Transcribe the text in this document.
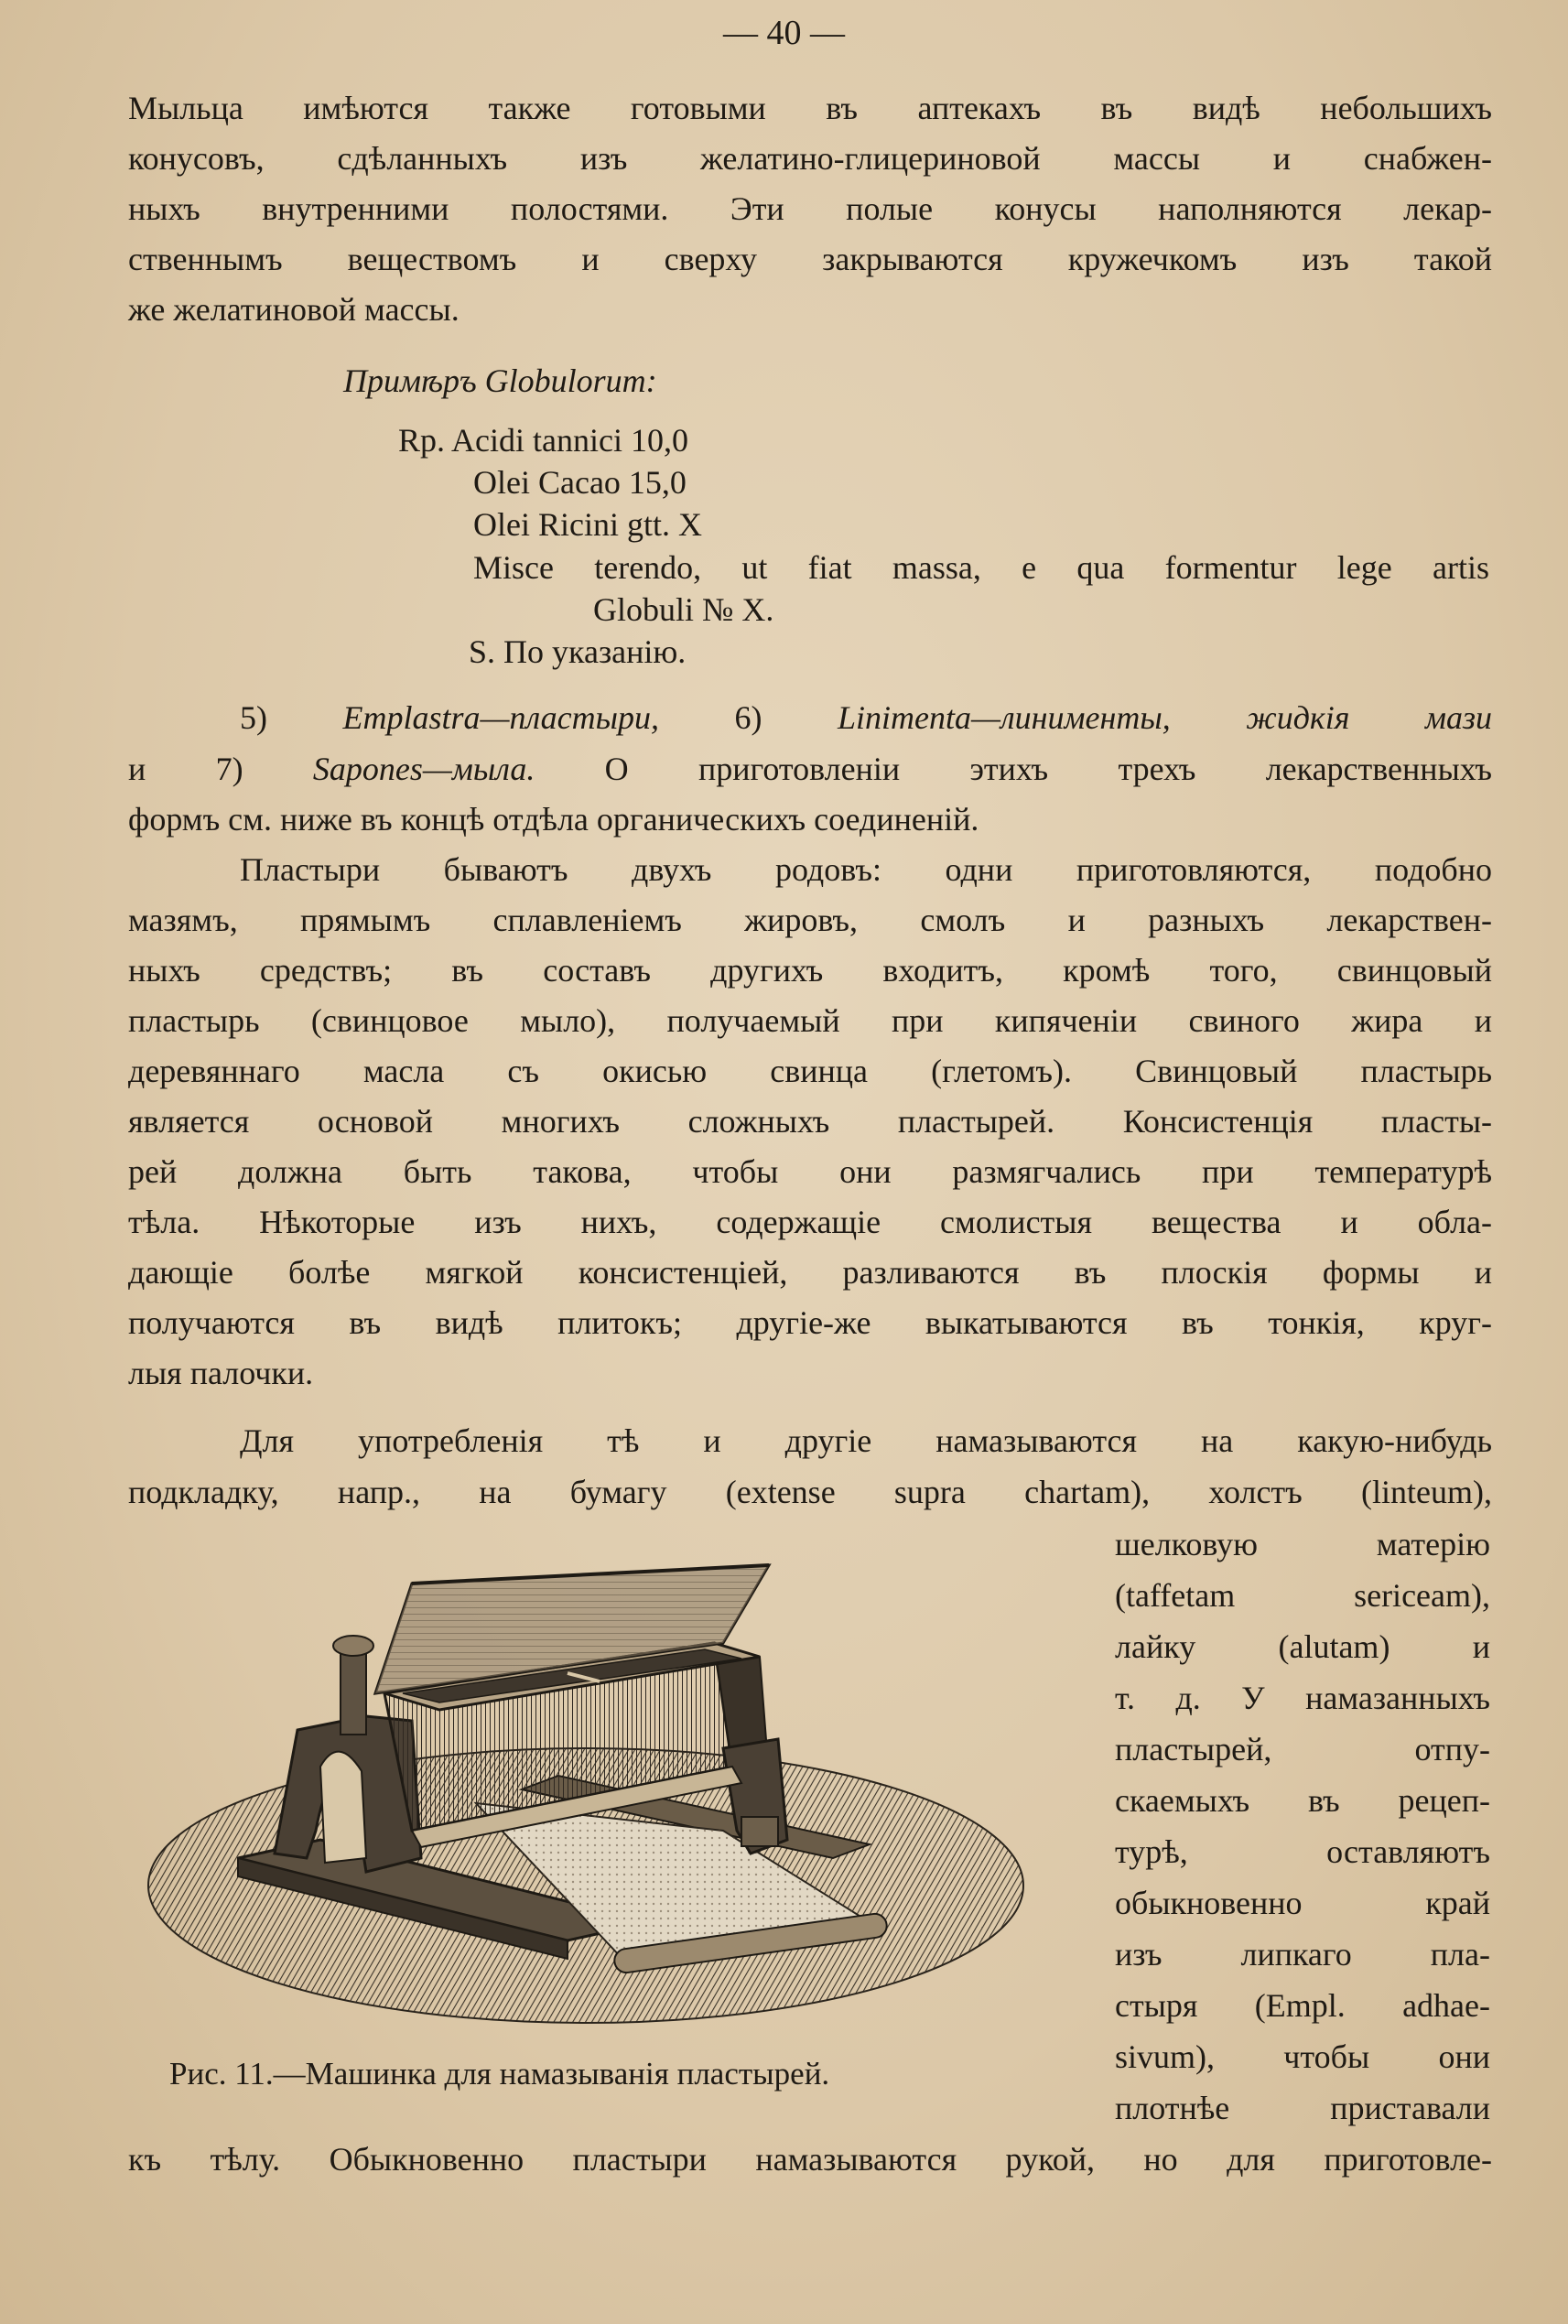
— 40 —
Мыльца имѣются также готовыми въ аптекахъ въ видѣ небольшихъ
конусовъ, сдѣланныхъ изъ желатино-глицериновой массы и снабжен-
ныхъ внутренними полостями. Эти полые конусы наполняются лекар-
ственнымъ веществомъ и сверху закрываются кружечкомъ изъ такой
же желатиновой массы.
Примѣръ Globulorum:
Rp. Acidi tannici 10,0
Olei Cacao 15,0
Olei Ricini gtt. X
Misce terendo, ut fiat massa, e qua formentur lege artis
Globuli № X.
S. По указанію.
5) Emplastra—пластыри, 6) Linimenta—линименты, жидкія мази
и 7) Sapones—мыла. О приготовленіи этихъ трехъ лекарственныхъ
формъ см. ниже въ концѣ отдѣла органическихъ соединеній.
Пластыри бываютъ двухъ родовъ: одни приготовляются, подобно
мазямъ, прямымъ сплавленіемъ жировъ, смолъ и разныхъ лекарствен-
ныхъ средствъ; въ составъ другихъ входитъ, кромѣ того, свинцовый
пластырь (свинцовое мыло), получаемый при кипяченіи свиного жира и
деревяннаго масла съ окисью свинца (глетомъ). Свинцовый пластырь
является основой многихъ сложныхъ пластырей. Консистенція пласты-
рей должна быть такова, чтобы они размягчались при температурѣ
тѣла. Нѣкоторые изъ нихъ, содержащіе смолистыя вещества и обла-
дающіе болѣе мягкой консистенціей, разливаются въ плоскія формы и
получаются въ видѣ плитокъ; другіе-же выкатываются въ тонкія, круг-
лыя палочки.
Для употребленія тѣ и другіе намазываются на какую-нибудь
подкладку, напр., на бумагу (extense supra chartam), холстъ (linteum),
шелковую матерію
(taffetam sericeam),
лайку (alutam) и
т. д. У намазанныхъ
пластырей, отпу-
скаемыхъ въ рецеп-
турѣ, оставляютъ
обыкновенно край
изъ липкаго пла-
стыря (Empl. adhae-
sivum), чтобы они
плотнѣе приставали
къ тѣлу. Обыкновенно пластыри намазываются рукой, но для приготовле-
Рис. 11.—Машинка для намазыванія пластырей.
